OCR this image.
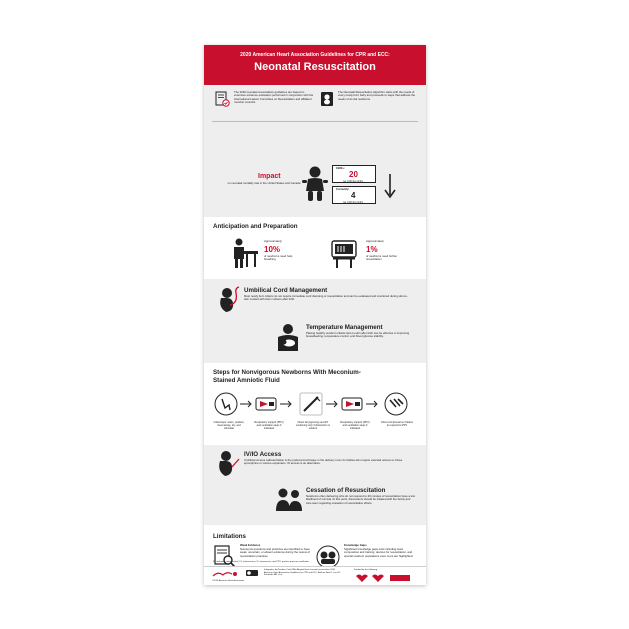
2020 American Heart Association Guidelines for CPR and ECC:
Neonatal Resuscitation
The 2020 neonatal resuscitation guidelines are based on extensive evidence evaluation performed in conjunction with the International Liaison Committee on Resuscitation and affiliated member councils.
The Neonatal Resuscitation Algorithm starts with the needs of every newly born baby and proceeds to steps that address the needs of at-risk newborns.
Impact
on neonatal mortality rate in the United States and Canada
1960s:
20
per 1000 live births
Currently:
4
per 1000 live births
Anticipation and Preparation
Approximately
10%
of newborns need help breathing
Approximately
1%
of newborns need further resuscitation
Umbilical Cord Management
Most newly born infants do not require immediate cord clamping or resuscitation and can be evaluated and monitored during skin-to-skin contact with their mothers after birth.
Temperature Management
Placing healthy newborn infants skin-to-skin after birth can be effective in improving breastfeeding, temperature control, and blood glucose stability.
Steps for Nonvigorous Newborns With Meconium-
Stained Amniotic Fluid
Initial steps: warm, position, clear airway, dry, and stimulate
Respiratory support (PPV) and ventilation steps if indicated
Direct laryngoscopy and ET suctioning only if obstruction is evident
Respiratory support (PPV) and ventilation steps if indicated
Chest compressions if failure to respond to PPV
IV/IO Access
Umbilical venous catheterization is the preferred technique in the delivery room for babies who require vascular access to infuse epinephrine or volume expanders. IO access is an alternative.
Cessation of Resuscitation
Newborns often delivering who do not respond to 20 minutes of resuscitation have a low likelihood of survival. At this point, discussions should be initiated with the family and care team regarding cessation of resuscitative efforts.
Limitations
Weak Evidence
Numerous questions and practices are identified to have weak, uncertain, or absent evidence during the review of resuscitation practices.
Knowledge Gaps
Significant knowledge gaps exist including team composition and training, devices for resuscitation, and special newborn populations even more are highlighted.
ET indicates endotracheal; IO, intraosseous; IV, intravenous; and PPV, positive pressure ventilation.
Infographic by Rosalina Caird, MA. Adapted from neonatal resuscitation 2020 American Heart Association Guidelines for CPR and ECC. Authors: Aziz K, Lee HC, Escobedo MB, et al.
Funded by the following:
©2020 American Heart Association
